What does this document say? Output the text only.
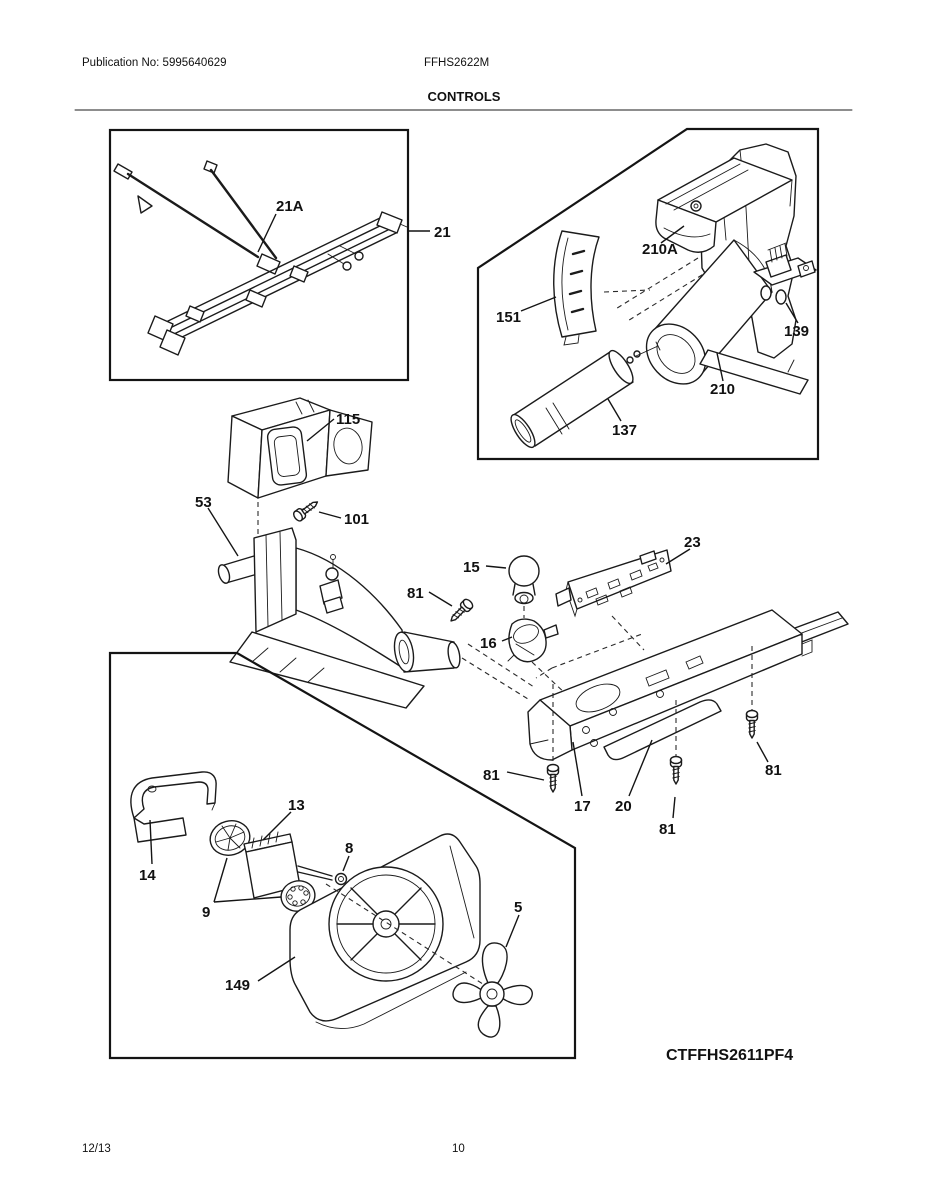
Publication No: 5995640629	FFHS2622M
CONTROLS
21A
21
151
210A
139
210
137
115
53
101
15
16
23
81
81
81
81
17 20
14
13
9
8
149
5
CTFFHS2611PF4
12/13	10
